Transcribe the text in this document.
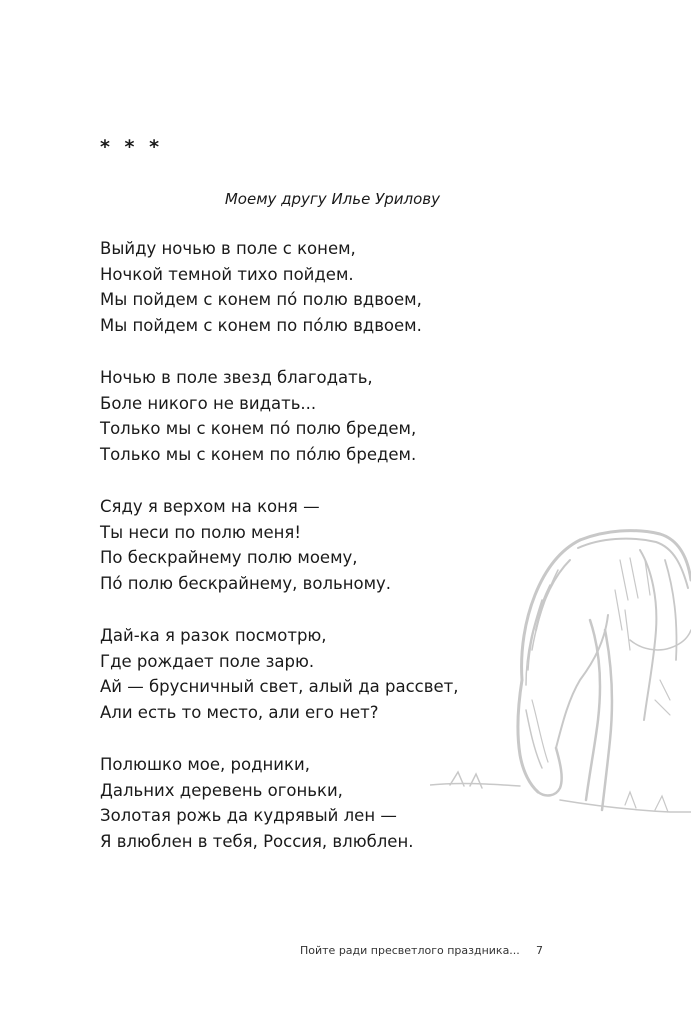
* * *

Моему другу Илье Урилову

Выйду ночью в поле с конем,
Ночкой темной тихо пойдем.
Мы пойдем с конем по́ полю вдвоем,
Мы пойдем с конем по по́лю вдвоем.
Ночью в поле звезд благодать,
Боле никого не видать...
Только мы с конем по́ полю бредем,
Только мы с конем по по́лю бредем.
Сяду я верхом на коня —
Ты неси по полю меня!
По бескрайнему полю моему,
По́ полю бескрайнему, вольному.
Дай-ка я разок посмотрю,
Где рождает поле зарю.
Ай — брусничный свет, алый да рассвет,
Али есть то место, али его нет?
Полюшко мое, родники,
Дальних деревень огоньки,
Золотая рожь да кудрявый лен —
Я влюблен в тебя, Россия, влюблен.
Пойте ради пресветлого праздника... 7
